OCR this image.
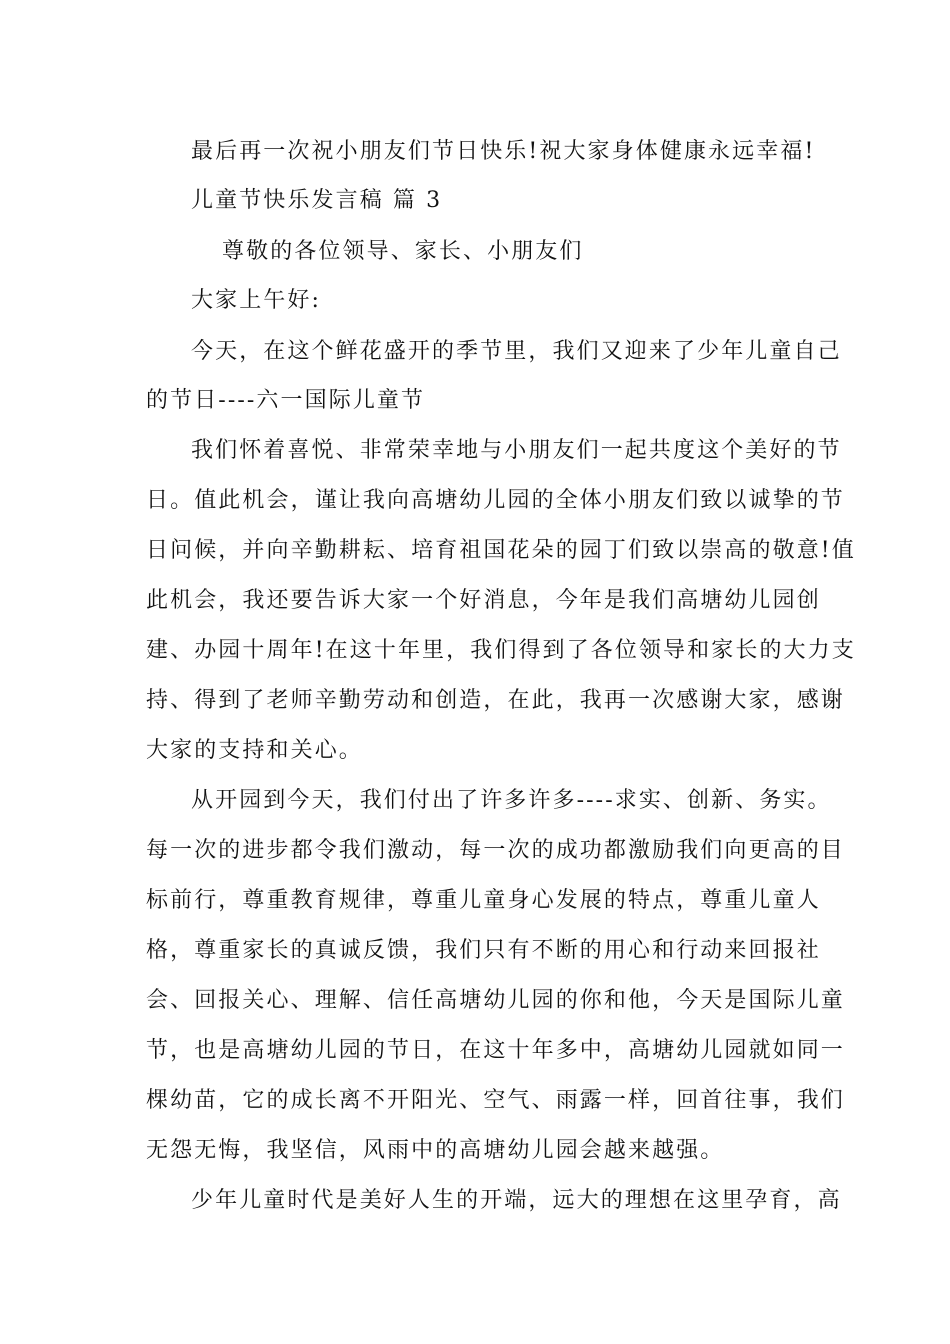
最后再一次祝小朋友们节日快乐!祝大家身体健康永远幸福!
儿童节快乐发言稿 篇 3
尊敬的各位领导、家长、小朋友们
大家上午好:
今天，在这个鲜花盛开的季节里，我们又迎来了少年儿童自己
的节日----六一国际儿童节
我们怀着喜悦、非常荣幸地与小朋友们一起共度这个美好的节
日。值此机会，谨让我向高塘幼儿园的全体小朋友们致以诚挚的节
日问候，并向辛勤耕耘、培育祖国花朵的园丁们致以崇高的敬意!值
此机会，我还要告诉大家一个好消息，今年是我们高塘幼儿园创
建、办园十周年!在这十年里，我们得到了各位领导和家长的大力支
持、得到了老师辛勤劳动和创造，在此，我再一次感谢大家，感谢
大家的支持和关心。
从开园到今天，我们付出了许多许多----求实、创新、务实。
每一次的进步都令我们激动，每一次的成功都激励我们向更高的目
标前行，尊重教育规律，尊重儿童身心发展的特点，尊重儿童人
格，尊重家长的真诚反馈，我们只有不断的用心和行动来回报社
会、回报关心、理解、信任高塘幼儿园的你和他，今天是国际儿童
节，也是高塘幼儿园的节日，在这十年多中，高塘幼儿园就如同一
棵幼苗，它的成长离不开阳光、空气、雨露一样，回首往事，我们
无怨无悔，我坚信，风雨中的高塘幼儿园会越来越强。
少年儿童时代是美好人生的开端，远大的理想在这里孕育，高
